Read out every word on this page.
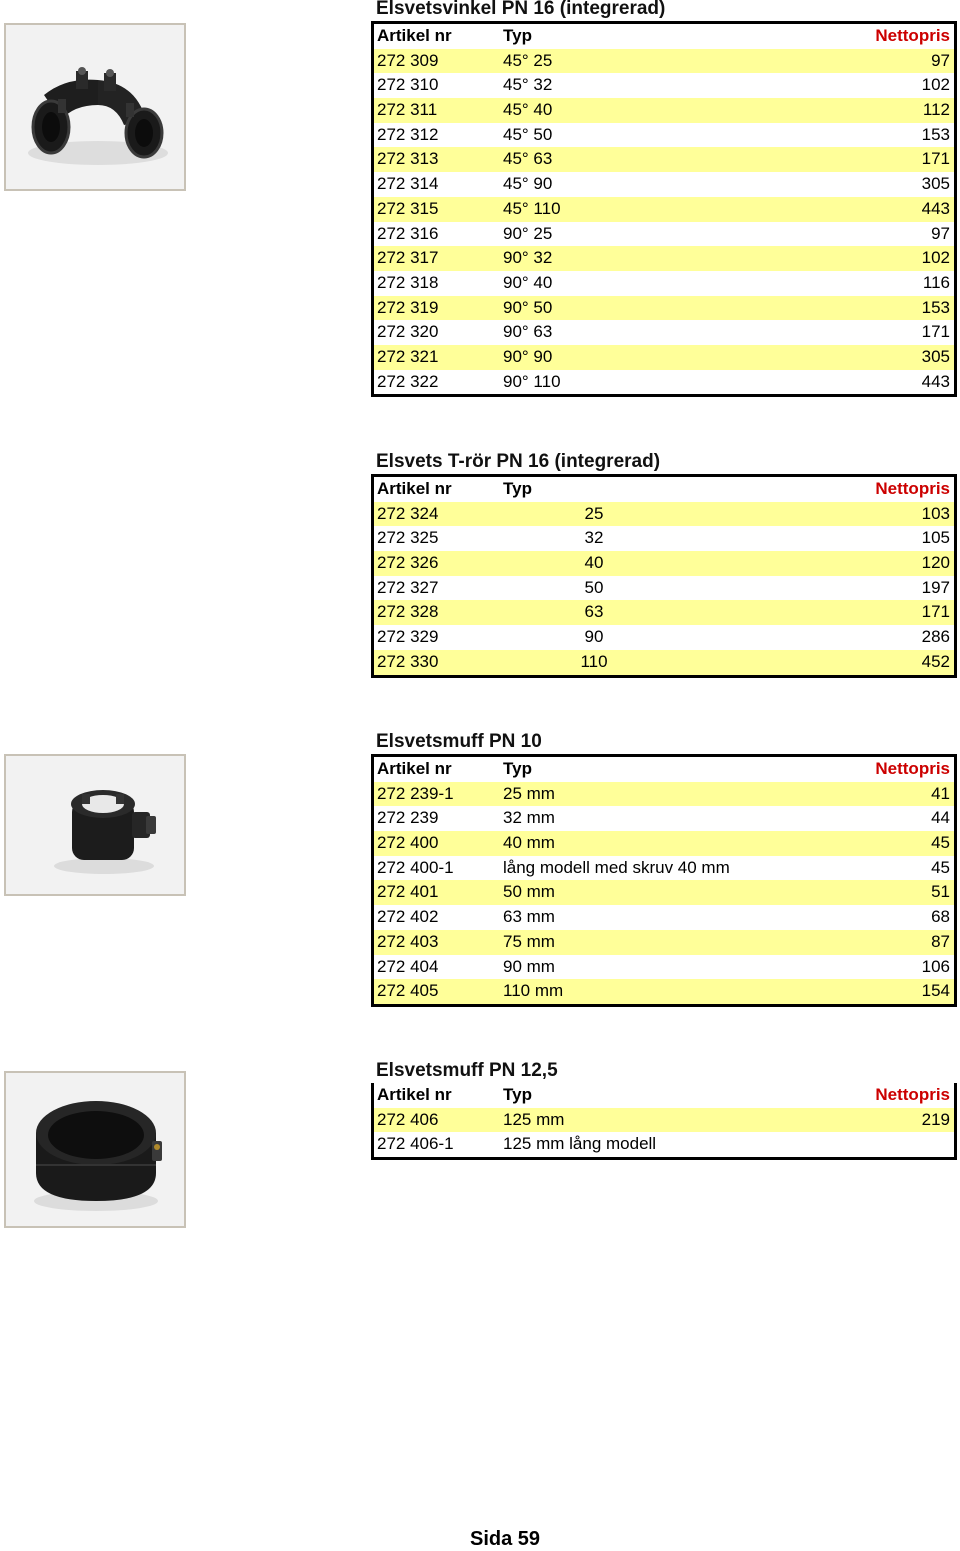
Elsvetsvinkel PN 16 (integrerad)
Artikel nr	Typ	Nettopris
272 309	45° 25	97
272 310	45° 32	102
272 311	45° 40	112
272 312	45° 50	153
272 313	45° 63	171
272 314	45° 90	305
272 315	45° 110	443
272 316	90° 25	97
272 317	90° 32	102
272 318	90° 40	116
272 319	90° 50	153
272 320	90° 63	171
272 321	90° 90	305
272 322	90° 110	443
Elsvets T-rör PN 16 (integrerad)
Artikel nr	Typ	Nettopris
272 324	25	103
272 325	32	105
272 326	40	120
272 327	50	197
272 328	63	171
272 329	90	286
272 330	110	452
Elsvetsmuff PN 10
Artikel nr	Typ	Nettopris
272 239-1	25 mm	41
272 239	32 mm	44
272 400	40 mm	45
272 400-1	lång modell med skruv 40 mm	45
272 401	50 mm	51
272 402	63 mm	68
272 403	75 mm	87
272 404	90 mm	106
272 405	110 mm	154
Elsvetsmuff PN 12,5
Artikel nr	Typ	Nettopris
272 406	125 mm	219
272 406-1	125 mm lång modell
Sida 59
